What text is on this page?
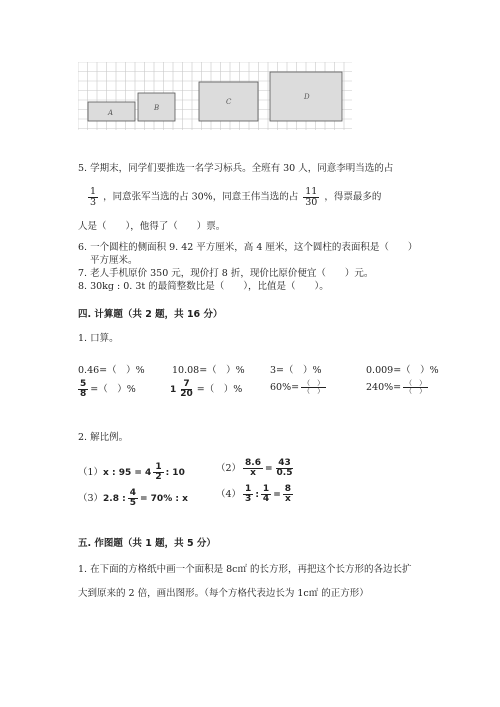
A
B
C
D
5. 学期末，同学们要推选一名学习标兵。全班有 30 人，同意李明当选的占
$\frac{1}{3}$ ，同意张军当选的占 30%，同意王伟当选的占 $\frac{11}{30}$ ，得票最多的
人是（　　），他得了（　　）票。
6. 一个圆柱的侧面积 9. 42 平方厘米，高 4 厘米，这个圆柱的表面积是（　　）
平方厘米。
7. 老人手机原价 350 元，现价打 8 折，现价比原价便宜（　　）元。
8. 30kg : 0. 3t 的最简整数比是（　　），比值是（　　）。
四. 计算题（共 2 题，共 16 分）
1. 口算。
0.46=（　）%	10.08=（　）%	3=（　）%	0.009=（　）%
$\frac{5}{8}$ =（　）%	$1 \frac{7}{20}$ =（　）%	$60\%= \frac{( )}{( )}$	$240\%= \frac{( )}{( )}$
2. 解比例。
（1）x : $95 = 4 \frac{1}{2}$ : 10	$(2) \frac{8.6}{x} = \frac{43}{0.5}$
（3）2.8 : $\frac{4}{5} = 70\%$ : x	$(4) \frac{1}{3}$ : $\frac{1}{4} = \frac{8}{x}$
五. 作图题（共 1 题，共 5 分）
1. 在下面的方格纸中画一个面积是 8c㎡ 的长方形，再把这个长方形的各边长扩
大到原来的 2 倍，画出图形。（每个方格代表边长为 1c㎡ 的正方形）
